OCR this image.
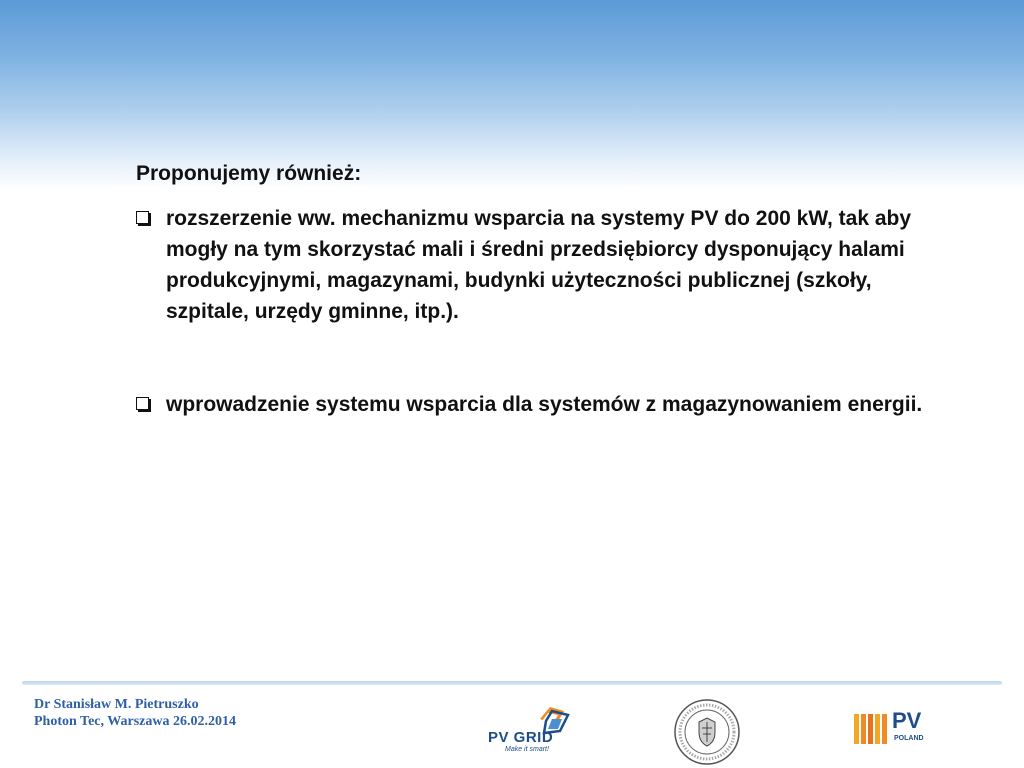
Proponujemy również:

rozszerzenie ww. mechanizmu wsparcia na systemy PV do 200 kW, tak aby mogły na tym skorzystać mali i średni przedsiębiorcy dysponujący halami produkcyjnymi, magazynami, budynki użyteczności publicznej (szkoły, szpitale, urzędy gminne, itp.).

wprowadzenie systemu wsparcia dla systemów z magazynowaniem energii.

Dr Stanisław M. Pietruszko
Photon Tec, Warszawa 26.02.2014
PV GRID
Make it smart!
PV
POLAND
